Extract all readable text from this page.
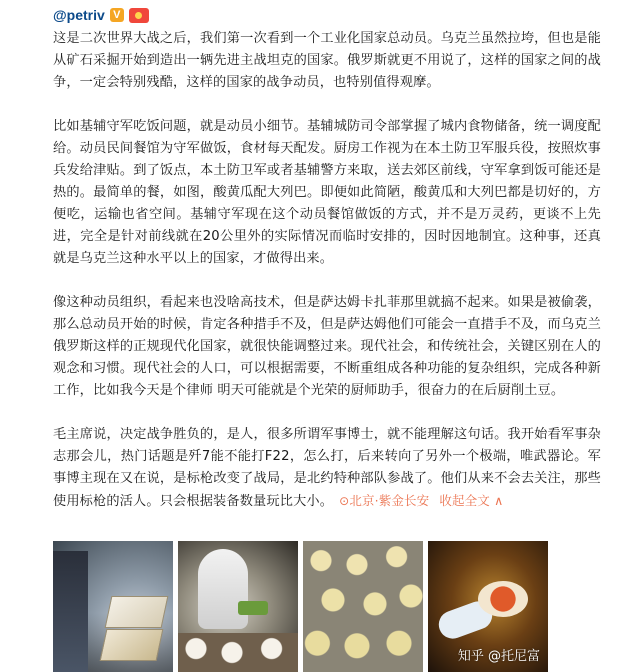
@petriv V

这是二次世界大战之后，我们第一次看到一个工业化国家总动员。乌克兰虽然拉垮，但也是能从矿石采掘开始到造出一辆先进主战坦克的国家。俄罗斯就更不用说了，这样的国家之间的战争，一定会特别残酷，这样的国家的战争动员，也特别值得观摩。

比如基辅守军吃饭问题，就是动员小细节。基辅城防司令部掌握了城内食物储备，统一调度配给。动员民间餐馆为守军做饭，食材每天配发。厨房工作视为在本土防卫军服兵役，按照炊事兵发给津贴。到了饭点，本土防卫军或者基辅警方来取，送去郊区前线，守军拿到饭可能还是热的。最简单的餐，如图，酸黄瓜配大列巴。即便如此简陋，酸黄瓜和大列巴都是切好的，方便吃，运输也省空间。基辅守军现在这个动员餐馆做饭的方式，并不是万灵药，更谈不上先进，完全是针对前线就在20公里外的实际情况而临时安排的，因时因地制宜。这种事，还真就是乌克兰这种水平以上的国家，才做得出来。

像这种动员组织，看起来也没啥高技术，但是萨达姆卡扎菲那里就搞不起来。如果是被偷袭，那么总动员开始的时候，肯定各种措手不及，但是萨达姆他们可能会一直措手不及，而乌克兰俄罗斯这样的正规现代化国家，就很快能调整过来。现代社会，和传统社会，关键区别在人的观念和习惯。现代社会的人口，可以根据需要，不断重组成各种功能的复杂组织，完成各种新工作，比如我今天是个律师 明天可能就是个光荣的厨师助手，很奋力的在后厨削土豆。

毛主席说，决定战争胜负的，是人，很多所谓军事博士，就不能理解这句话。我开始看军事杂志那会儿，热门话题是歼7能不能打F22，怎么打，后来转向了另外一个极端，唯武器论。军事博主现在又在说，是标枪改变了战局，是北约特种部队参战了。他们从来不会去关注，那些使用标枪的活人。只会根据装备数量玩比大小。 ⊙北京·紫金长安 收起全文 ∧

知乎 @托尼富
